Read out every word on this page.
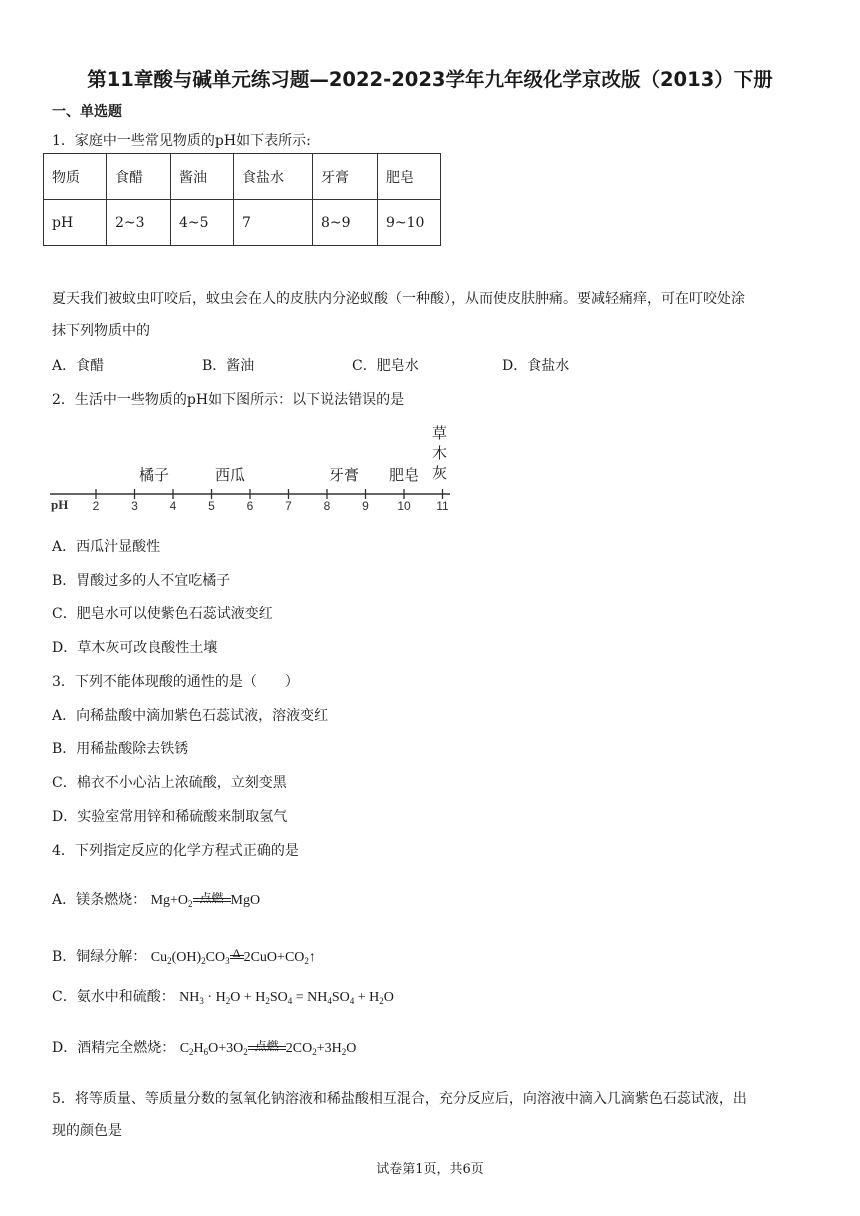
第11章酸与碱单元练习题—2022-2023学年九年级化学京改版（2013）下册
一、单选题
1．家庭中一些常见物质的pH如下表所示:
物质	食醋	酱油	食盐水	牙膏	肥皂
pH	2~3	4~5	7	8~9	9~10
夏天我们被蚊虫叮咬后，蚊虫会在人的皮肤内分泌蚁酸（一种酸），从而使皮肤肿痛。要减轻痛痒，可在叮咬处涂
抹下列物质中的
A．食醋	B．酱油	C．肥皂水	D．食盐水
2．生活中一些物质的pH如下图所示：以下说法错误的是
pH 2	3	4	5	6	7	8	9 10 11
橘子	西瓜	牙膏 肥皂
草
木
灰
A．西瓜汁显酸性
B．胃酸过多的人不宜吃橘子
C．肥皂水可以使紫色石蕊试液变红
D．草木灰可改良酸性土壤
3．下列不能体现酸的通性的是（　　）
A．向稀盐酸中滴加紫色石蕊试液，溶液变红
B．用稀盐酸除去铁锈
C．棉衣不小心沾上浓硫酸，立刻变黑
D．实验室常用锌和稀硫酸来制取氢气
4．下列指定反应的化学方程式正确的是
A．镁条燃烧： $Mg+O_2$ 点燃 MgO
B．铜绿分解： $Cu_2(OH)_2CO_3$
Δ $2CuO+CO_2↑$
C．氨水中和硫酸： $NH_3 \cdot H_2O + H_2SO_4 = NH_4SO_4 + H_2O$
D．酒精完全燃烧： $C_2H_6O+3O_2$ 点燃 $2CO_2+3H_2O$
5．将等质量、等质量分数的氢氧化钠溶液和稀盐酸相互混合，充分反应后，向溶液中滴入几滴紫色石蕊试液，出
现的颜色是
试卷第1页，共6页
